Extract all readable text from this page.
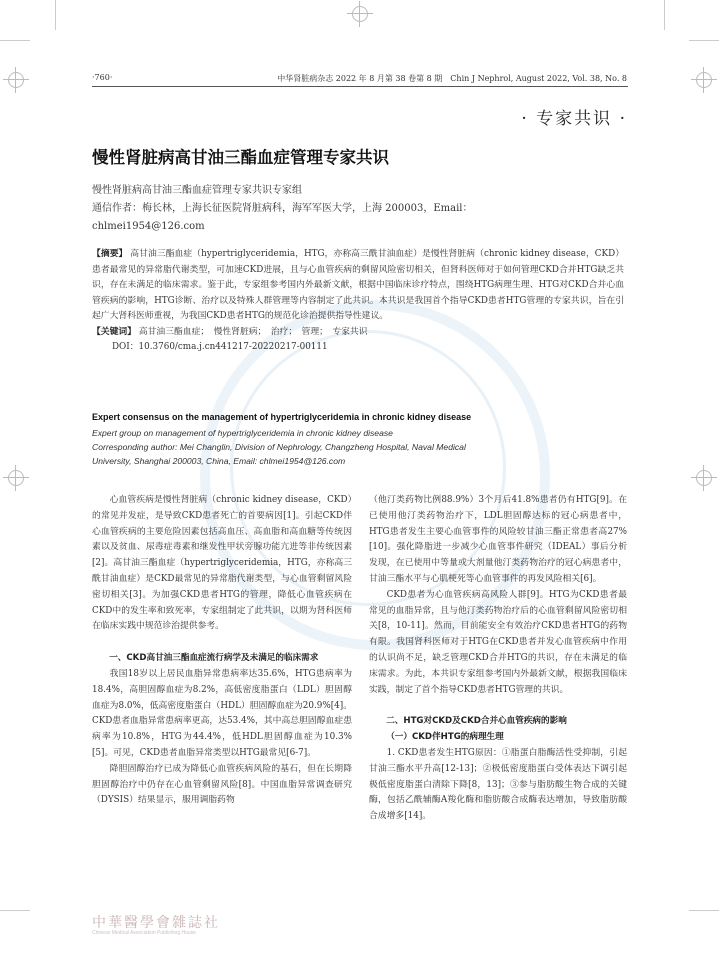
·760·	中华肾脏病杂志 2022 年 8 月第 38 卷第 8 期　Chin J Nephrol, August 2022, Vol. 38, No. 8
· 专家共识 ·
慢性肾脏病高甘油三酯血症管理专家共识
慢性肾脏病高甘油三酯血症管理专家共识专家组
通信作者：梅长林，上海长征医院肾脏病科，海军军医大学，上海 200003，Email：
chlmei1954@126.com
【摘要】 高甘油三酯血症（hypertriglyceridemia，HTG，亦称高三酰甘油血症）是慢性肾脏病（chronic kidney disease，CKD）患者最常见的异常脂代谢类型，可加速CKD进展，且与心血管疾病的剩留风险密切相关，但肾科医师对于如何管理CKD合并HTG缺乏共识，存在未满足的临床需求。鉴于此，专家组参考国内外最新文献，根据中国临床诊疗特点，围绕HTG病理生理、HTG对CKD合并心血管疾病的影响，HTG诊断、治疗以及特殊人群管理等内容制定了此共识。本共识是我国首个指导CKD患者HTG管理的专家共识，旨在引起广大肾科医师重视，为我国CKD患者HTG的规范化诊治提供指导性建议。
【关键词】 高甘油三酯血症；　慢性肾脏病；　治疗；　管理；　专家共识
DOI：10.3760/cma.j.cn441217-20220217-00111
Expert consensus on the management of hypertriglyceridemia in chronic kidney disease
Expert group on management of hypertriglyceridemia in chronic kidney disease
Corresponding author: Mei Changlin, Division of Nephrology, Changzheng Hospital, Naval Medical
University, Shanghai 200003, China, Email: chlmei1954@126.com

心血管疾病是慢性肾脏病（chronic kidney disease，CKD）的常见并发症，是导致CKD患者死亡的首要病因[1]。引起CKD伴心血管疾病的主要危险因素包括高血压、高血脂和高血糖等传统因素以及贫血、尿毒症毒素和继发性甲状旁腺功能亢进等非传统因素[2]。高甘油三酯血症（hypertriglyceridemia，HTG，亦称高三酰甘油血症）是CKD最常见的异常脂代谢类型，与心血管剩留风险密切相关[3]。为加强CKD患者HTG的管理，降低心血管疾病在CKD中的发生率和致死率，专家组制定了此共识，以期为肾科医师在临床实践中规范诊治提供参考。

一、CKD高甘油三酯血症流行病学及未满足的临床需求

我国18岁以上居民血脂异常患病率达35.6%，HTG患病率为18.4%，高胆固醇血症为8.2%，高低密度脂蛋白（LDL）胆固醇血症为8.0%，低高密度脂蛋白（HDL）胆固醇血症为20.9%[4]。CKD患者血脂异常患病率更高，达53.4%，其中高总胆固醇血症患病率为10.8%，HTG为44.4%，低HDL胆固醇血症为10.3%[5]。可见，CKD患者血脂异常类型以HTG最常见[6-7]。

降胆固醇治疗已成为降低心血管疾病风险的基石，但在长期降胆固醇治疗中仍存在心血管剩留风险[8]。中国血脂异常调查研究（DYSIS）结果显示，服用调脂药物

（他汀类药物比例88.9%）3个月后41.8%患者仍有HTG[9]。在已使用他汀类药物治疗下，LDL胆固醇达标的冠心病患者中，HTG患者发生主要心血管事件的风险较甘油三酯正常患者高27%[10]。强化降脂进一步减少心血管事件研究（IDEAL）事后分析发现，在已使用中等量或大剂量他汀类药物治疗的冠心病患者中，甘油三酯水平与心肌梗死等心血管事件的再发风险相关[6]。

CKD患者为心血管疾病高风险人群[9]。HTG为CKD患者最常见的血脂异常，且与他汀类药物治疗后的心血管剩留风险密切相关[8，10-11]。然而，目前能安全有效治疗CKD患者HTG的药物有限。我国肾科医师对于HTG在CKD患者并发心血管疾病中作用的认识尚不足，缺乏管理CKD合并HTG的共识，存在未满足的临床需求。为此，本共识专家组参考国内外最新文献，根据我国临床实践，制定了首个指导CKD患者HTG管理的共识。

二、HTG对CKD及CKD合并心血管疾病的影响

（一）CKD伴HTG的病理生理

1. CKD患者发生HTG原因：①脂蛋白脂酶活性受抑制，引起甘油三酯水平升高[12-13]；②极低密度脂蛋白受体表达下调引起极低密度脂蛋白清除下降[8，13]；③参与脂肪酸生物合成的关键酶，包括乙酰辅酶A羧化酶和脂肪酸合成酶表达增加，导致脂肪酸合成增多[14]。

中華醫學會雜誌社
Chinese Medical Association Publishing House
